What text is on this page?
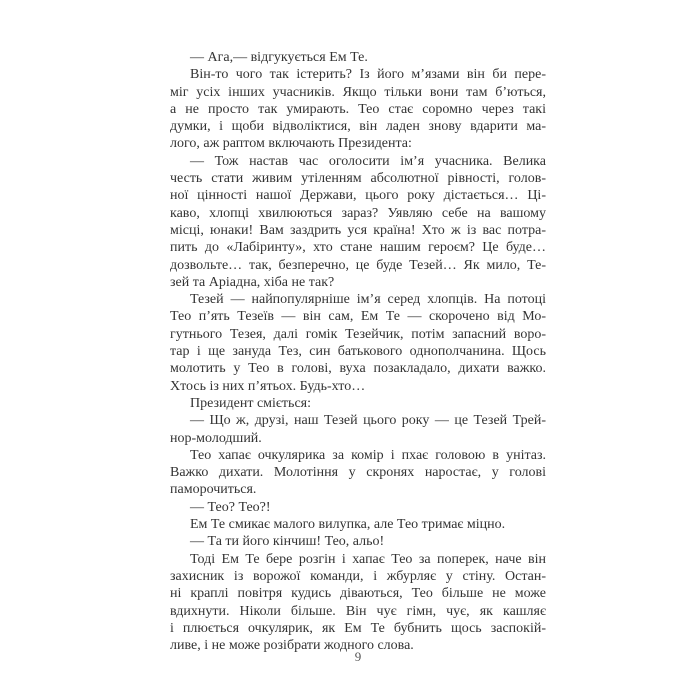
— Ага,— відгукується Ем Те.
Він-то чого так істерить? Із його м’язами він би пере-
міг усіх інших учасників. Якщо тільки вони там б’ються,
а не просто так умирають. Тео стає соромно через такі
думки, і щоби відволіктися, він ладен знову вдарити ма-
лого, аж раптом включають Президента:
— Тож настав час оголосити ім’я учасника. Велика
честь стати живим утіленням абсолютної рівності, голов-
ної цінності нашої Держави, цього року дістається… Ці-
каво, хлопці хвилюються зараз? Уявляю себе на вашому
місці, юнаки! Вам заздрить уся країна! Хто ж із вас потра-
пить до «Лабіринту», хто стане нашим героєм? Це буде…
дозвольте… так, безперечно, це буде Тезей… Як мило, Те-
зей та Аріадна, хіба не так?
Тезей — найпопулярніше ім’я серед хлопців. На потоці
Тео п’ять Тезеїв — він сам, Ем Те — скорочено від Мо-
гутнього Тезея, далі гомік Тезейчик, потім запасний воро-
тар і ще зануда Тез, син батькового однополчанина. Щось
молотить у Тео в голові, вуха позакладало, дихати важко.
Хтось із них п’ятьох. Будь-хто…
Президент сміється:
— Що ж, друзі, наш Тезей цього року — це Тезей Трей-
нор-молодший.
Тео хапає очкулярика за комір і пхає головою в унітаз.
Важко дихати. Молотіння у скронях наростає, у голові
паморочиться.
— Тео? Тео?!
Ем Те смикає малого вилупка, але Тео тримає міцно.
— Та ти його кінчиш! Тео, альо!
Тоді Ем Те бере розгін і хапає Тео за поперек, наче він
захисник із ворожої команди, і жбурляє у стіну. Остан-
ні краплі повітря кудись діваються, Тео більше не може
вдихнути. Ніколи більше. Він чує гімн, чує, як кашляє
і плюється очкулярик, як Ем Те бубнить щось заспокій-
ливе, і не може розібрати жодного слова.
9
